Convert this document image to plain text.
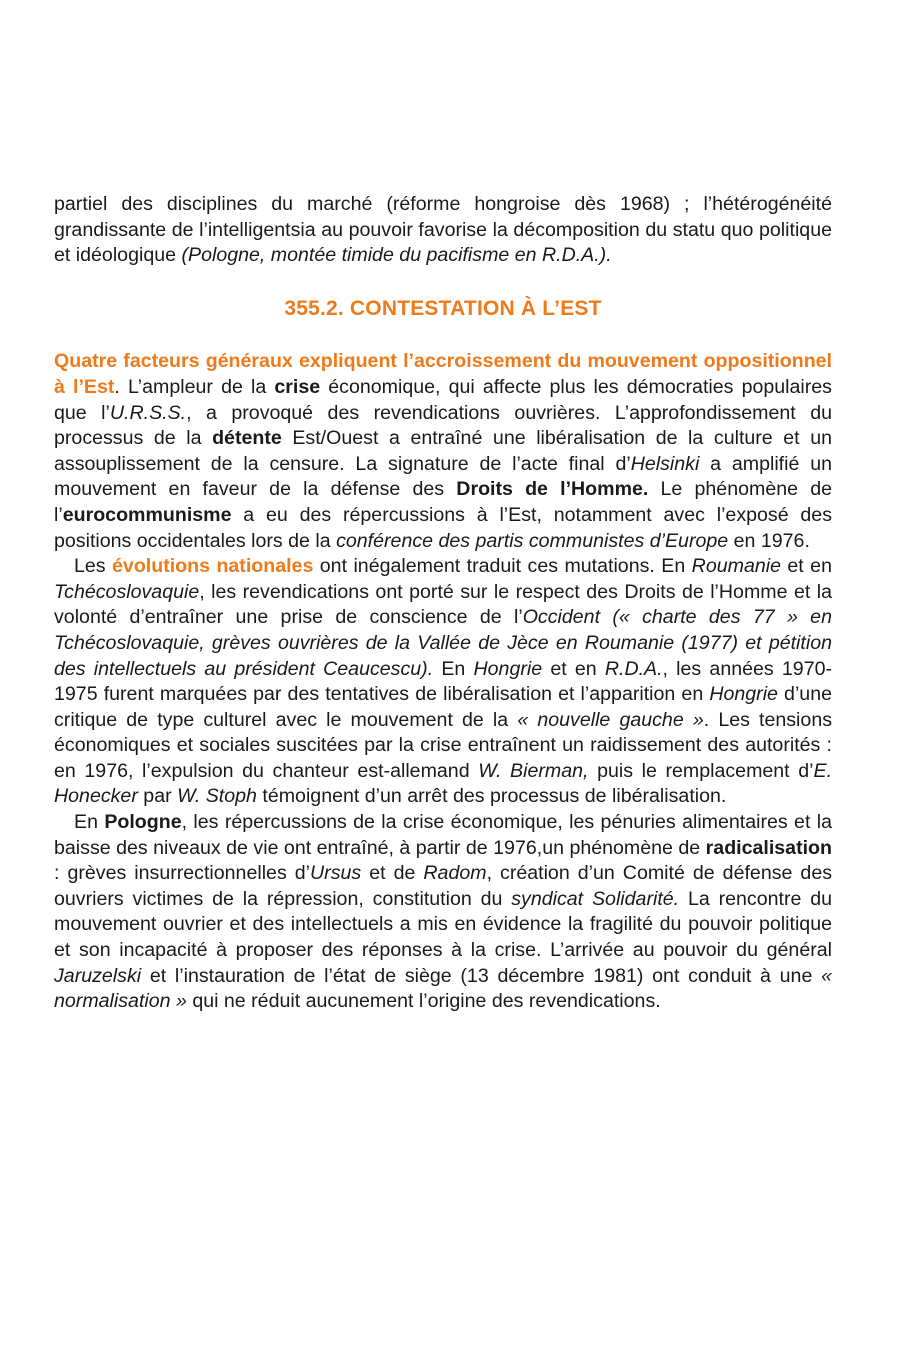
partiel des disciplines du marché (réforme hongroise dès 1968) ; l’hétérogénéité grandissante de l’intelligentsia au pouvoir favorise la décomposition du statu quo politique et idéologique (Pologne, montée timide du pacifisme en R.D.A.).

355.2. CONTESTATION À L’EST

Quatre facteurs généraux expliquent l’accroissement du mouvement oppositionnel à l’Est. L’ampleur de la crise économique, qui affecte plus les démocraties populaires que l’U.R.S.S., a provoqué des revendications ouvrières. L’approfondissement du processus de la détente Est/Ouest a entraîné une libéralisation de la culture et un assouplissement de la censure. La signature de l’acte final d’Helsinki a amplifié un mouvement en faveur de la défense des Droits de l’Homme. Le phénomène de l’eurocommunisme a eu des répercussions à l’Est, notamment avec l’exposé des positions occidentales lors de la conférence des partis communistes d’Europe en 1976.

Les évolutions nationales ont inégalement traduit ces mutations. En Roumanie et en Tchécoslovaquie, les revendications ont porté sur le respect des Droits de l’Homme et la volonté d’entraîner une prise de conscience de l’Occident (« charte des 77 » en Tchécoslovaquie, grèves ouvrières de la Vallée de Jèce en Roumanie (1977) et pétition des intellectuels au président Ceaucescu). En Hongrie et en R.D.A., les années 1970-1975 furent marquées par des tentatives de libéralisation et l’apparition en Hongrie d’une critique de type culturel avec le mouvement de la « nouvelle gauche ». Les tensions économiques et sociales suscitées par la crise entraînent un raidissement des autorités : en 1976, l’expulsion du chanteur est-allemand W. Bierman, puis le remplacement d’E. Honecker par W. Stoph témoignent d’un arrêt des processus de libéralisation.

En Pologne, les répercussions de la crise économique, les pénuries alimentaires et la baisse des niveaux de vie ont entraîné, à partir de 1976,un phénomène de radicalisation : grèves insurrectionnelles d’Ursus et de Radom, création d’un Comité de défense des ouvriers victimes de la répression, constitution du syndicat Solidarité. La rencontre du mouvement ouvrier et des intellectuels a mis en évidence la fragilité du pouvoir politique et son incapacité à proposer des réponses à la crise. L’arrivée au pouvoir du général Jaruzelski et l’instauration de l’état de siège (13 décembre 1981) ont conduit à une « normalisation » qui ne réduit aucunement l’origine des revendications.
